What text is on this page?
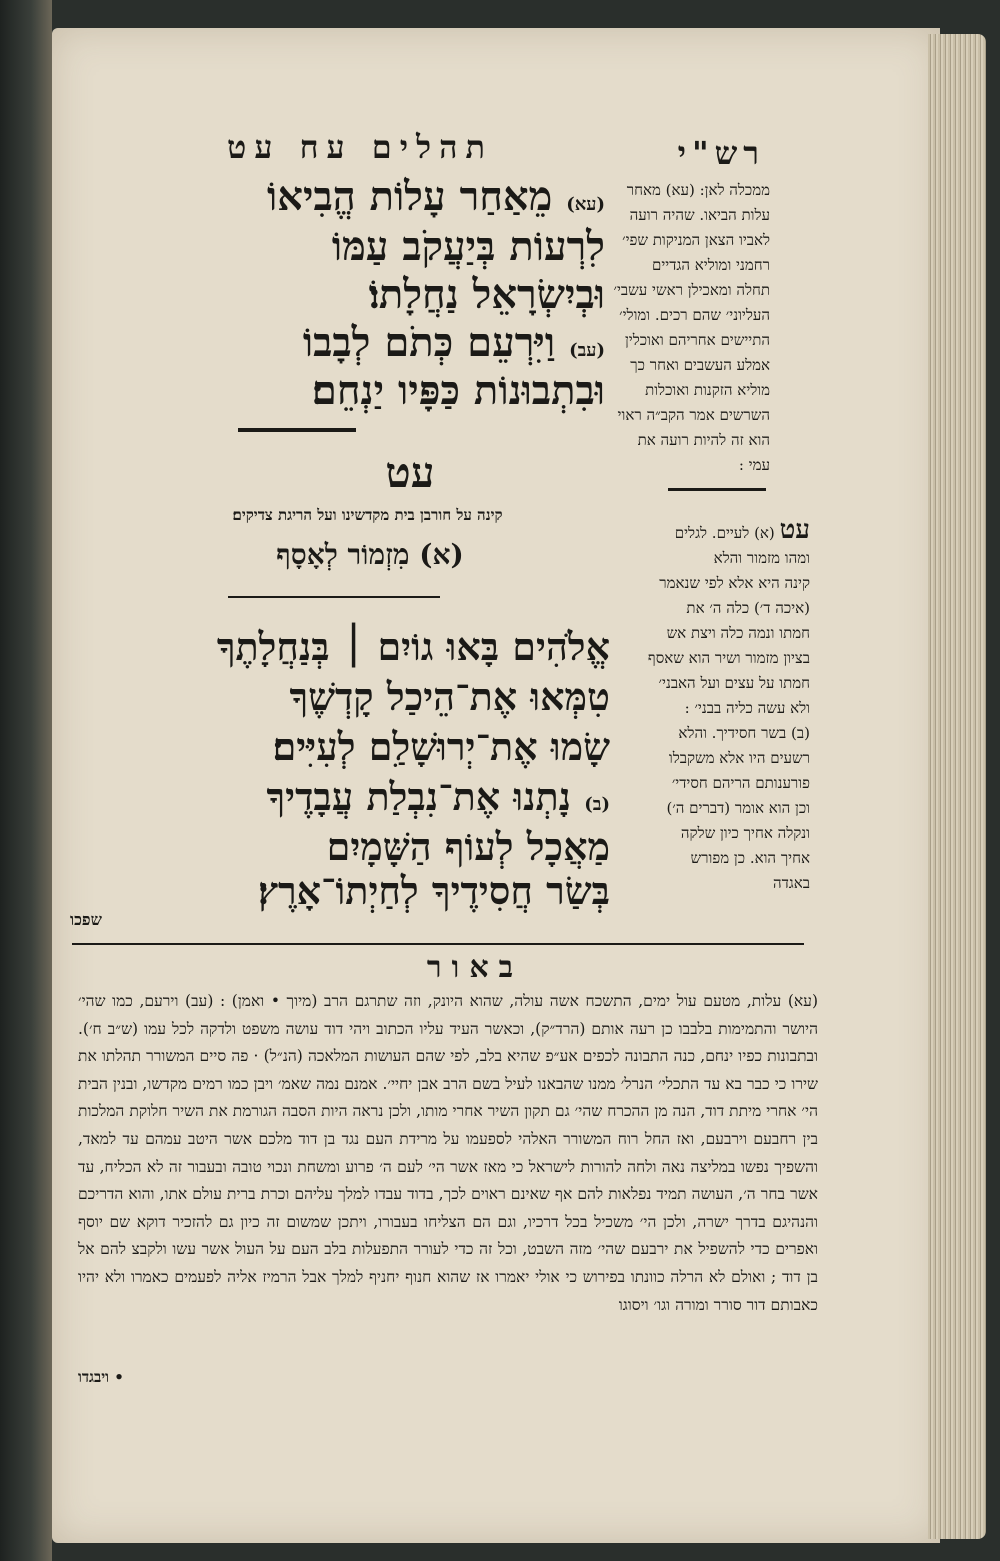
תהלים עח עט	רש"י
(עא) מֵאַחַר עָלוֹת הֱבִיאוֹ
לִרְעוֹת בְּיַעֲקֹב עַמּוֹ
וּבְיִשְׂרָאֵל נַחֲלָתוֹ׃
(עב) וַיִּרְעֵם כְּתֹם לְבָבוֹ
וּבִתְבוּנוֹת כַּפָּיו יַנְחֵם׃
עט
קינה על חורבן בית מקדשינו ועל הריגת צדיקים׃
(א) מִזְמוֹר לְאָסָף
אֱלֹהִים בָּאוּ גוֹיִם ׀ בְּנַחֲלָתֶךָ
טִמְּאוּ אֶת־הֵיכַל קָדְשֶׁךָ
שָׂמוּ אֶת־יְרוּשָׁלִַם לְעִיִּים׃
(ב) נָתְנוּ אֶת־נִבְלַת עֲבָדֶיךָ
מַאֲכָל לְעוֹף הַשָּׁמָיִם
בְּשַׂר חֲסִידֶיךָ לְחַיְתוֹ־אָרֶץ׃
שפכו
ממכלה לאן: (עא) מאחר
עלות הביאו. שהיה רועה
לאביו הצאן המניקות שפי׳
רחמני ומוליא הגדיים
תחלה ומאכילן ראשי עשבי׳
העליוני׳ שהם רכים. ומולי׳
התיישים אחריהם ואוכלין
אמלע העשבים ואחר כך
מוליא הזקנות ואוכלות
השרשים אמר הקב״ה ראוי
הוא זה להיות רועה את
עמי :
עט (א) לעיים. לגלים
ומהו מזמור והלא
קינה היא אלא לפי שנאמר
(איכה ד׳) כלה ה׳ את
חמתו ונמה כלה ויצת אש
בציון מזמור ושיר הוא שאסף
חמתו על עצים ועל האבני׳
ולא עשה כליה בבני׳ :
(ב) בשר חסידיך. והלא
רשעים היו אלא משקבלו
פורענותם הריהם חסידי׳
וכן הוא אומר (דברים ה׳)
ונקלה אחיך כיון שלקה
אחיך הוא. כן מפורש
באגדה
באור
(עא) עלות, מטעם עול ימים, התשכח אשה עולה, שהוא היונק, וזה שתרגם הרב (מיוך • ואמן) : (עב) וירעם, כמו שהי׳ היושר והתמימות בלבבו כן רעה אותם (הרד״ק), וכאשר העיד עליו הכתוב ויהי דוד עושה משפט ולדקה לכל עמו (ש״ב ח׳). ובתבונות כפיו ינחם, כנה התבונה לכפים אע״פ שהיא בלב, לפי שהם העושות המלאכה (הנ״ל) · פה סיים המשורר תהלתו את שירו כי כבר בא עד התכלי׳ הנרל׳ ממנו שהבאנו לעיל בשם הרב אבן יחיי׳. אמנם נמה שאמ׳ ויבן כמו רמים מקדשו, ובנין הבית הי׳ אחרי מיתת דוד, הנה מן ההכרח שהי׳ גם תקון השיר אחרי מותו, ולכן נראה היות הסבה הגורמת את השיר חלוקת המלכות בין רחבעם וירבעם, ואז החל רוח המשורר האלהי לספעמו על מרידת העם נגד בן דוד מלכם אשר היטב עמהם עד למאד, והשפיך נפשו במליצה נאה ולחה להורות לישראל כי מאז אשר הי׳ לעם ה׳ פרוע ומשחת ונכוי טובה ובעבור זה לא הכליח, עד אשר בחר ה׳, העושה תמיד נפלאות להם אף שאינם ראוים לכך, בדוד עבדו למלך עליהם וכרת ברית עולם אתו, והוא הדריכם והנהיגם בדרך ישרה, ולכן הי׳ משכיל בכל דרכיו, וגם הם הצליחו בעבורו, ויתכן שמשום זה כיון גם להזכיר דוקא שם יוסף ואפרים כדי להשפיל את ירבעם שהי׳ מזה השבט, וכל זה כדי לעורר התפעלות בלב העם על העול אשר עשו ולקבצ להם אל בן דוד ; ואולם לא הרלה כוונתו בפירוש כי אולי יאמרו אז שהוא חנוף יחניף למלך אבל הרמיז אליה לפעמים כאמרו ולא יהיו כאבותם דור סורר ומורה וגו׳ ויסוגו
• ויבגדו
